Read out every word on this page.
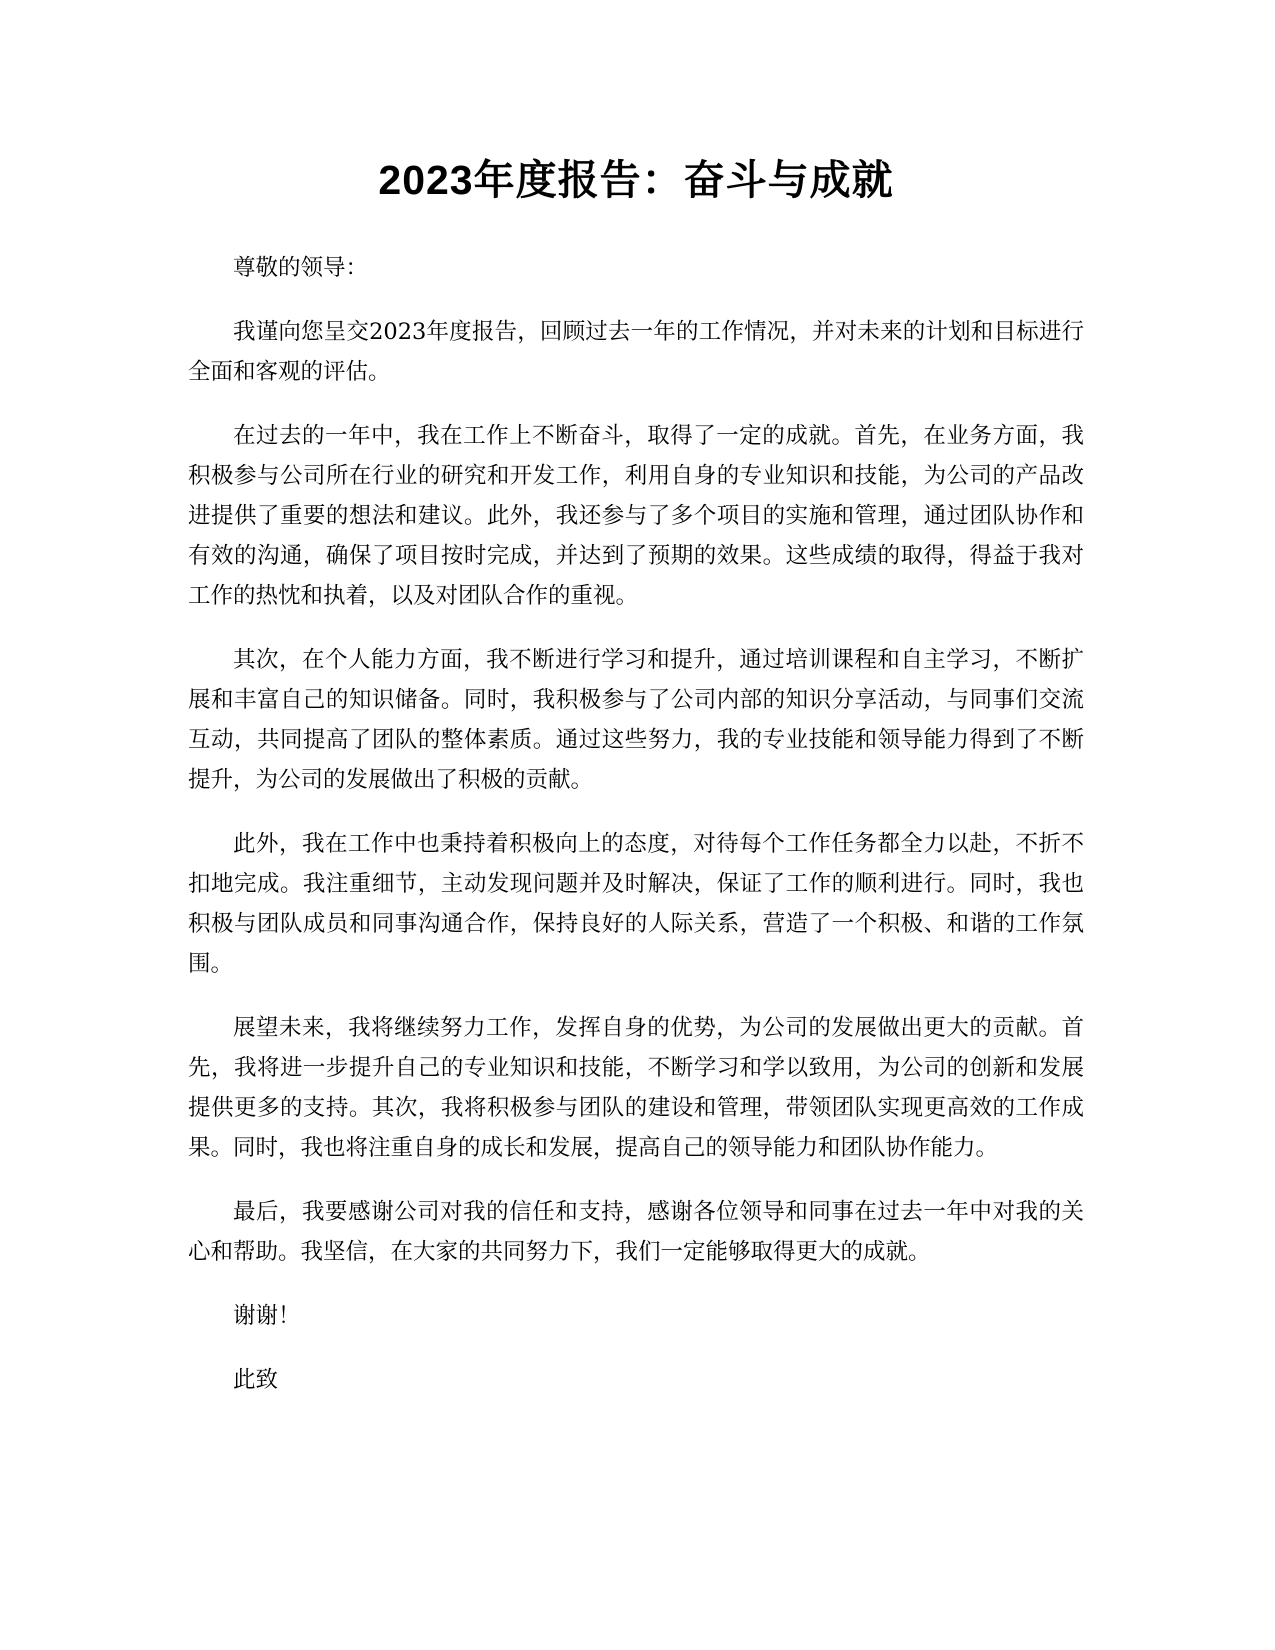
2023年度报告：奋斗与成就

尊敬的领导：

我谨向您呈交2023年度报告，回顾过去一年的工作情况，并对未来的计划和目标进行全面和客观的评估。

在过去的一年中，我在工作上不断奋斗，取得了一定的成就。首先，在业务方面，我积极参与公司所在行业的研究和开发工作，利用自身的专业知识和技能，为公司的产品改进提供了重要的想法和建议。此外，我还参与了多个项目的实施和管理，通过团队协作和有效的沟通，确保了项目按时完成，并达到了预期的效果。这些成绩的取得，得益于我对工作的热忱和执着，以及对团队合作的重视。

其次，在个人能力方面，我不断进行学习和提升，通过培训课程和自主学习，不断扩展和丰富自己的知识储备。同时，我积极参与了公司内部的知识分享活动，与同事们交流互动，共同提高了团队的整体素质。通过这些努力，我的专业技能和领导能力得到了不断提升，为公司的发展做出了积极的贡献。

此外，我在工作中也秉持着积极向上的态度，对待每个工作任务都全力以赴，不折不扣地完成。我注重细节，主动发现问题并及时解决，保证了工作的顺利进行。同时，我也积极与团队成员和同事沟通合作，保持良好的人际关系，营造了一个积极、和谐的工作氛围。

展望未来，我将继续努力工作，发挥自身的优势，为公司的发展做出更大的贡献。首先，我将进一步提升自己的专业知识和技能，不断学习和学以致用，为公司的创新和发展提供更多的支持。其次，我将积极参与团队的建设和管理，带领团队实现更高效的工作成果。同时，我也将注重自身的成长和发展，提高自己的领导能力和团队协作能力。

最后，我要感谢公司对我的信任和支持，感谢各位领导和同事在过去一年中对我的关心和帮助。我坚信，在大家的共同努力下，我们一定能够取得更大的成就。

谢谢！

此致
